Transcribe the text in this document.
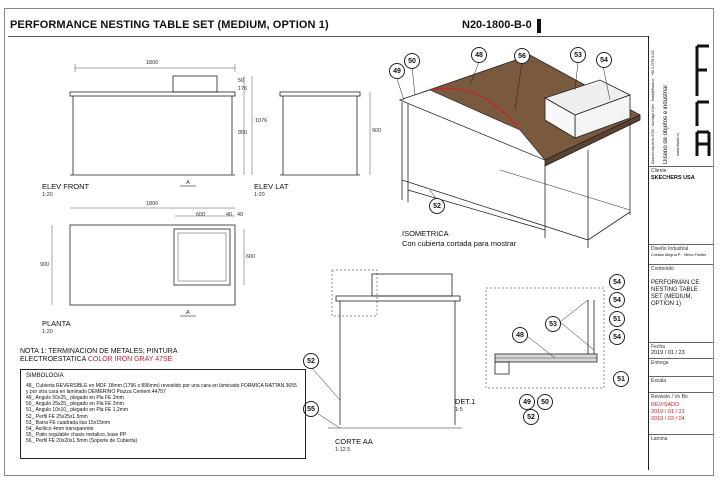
PERFORMANCE NESTING TABLE SET (MEDIUM, OPTION 1)	N20-1800-B-0
ELEV FRONT
1:20
ELEV LAT
1:20
PLANTA
1:20
ISOMETRICA
Con cubierta cortada para mostrar
CORTE AA
1:12.5
DET.1
1:5
1800
50
176
850
1076
900
1800
600	40 40
900
600
A
A
49
50
48	56	53
54
52
52
55
54
54
53
51
54
48
51
49	50
52
NOTA 1: TERMINACION DE METALES; PINTURA
ELECTROESTATICA COLOR IRON GRAY 47SE
SIMBOLOGIA
48_ Cubierta REVERSIBLE en MDF 18mm (1796 x 896mm) revestido por una cara en laminado FORMICA RATTAN 3655 y por otra cara en laminado DEMERINO Piazza Cement 44757
49_ Angulo 50x25_ plegado en Pla FE 2mm
50_ Angulo 25x25_ plegado en Pla FE 2mm
51_ Angulo 10x10_ plegado en Pla FE 1,2mm
52_ Perfil FE 25x25x1.5mm
53_ Barra FE cuadrada lisa 15x15mm
54_ Acrilico 4mm transparente
55_ Patin regulable chasis metalico, base PP
56_ Perfil FE 20x20x1.5mm (Soporte de Cubierta)
Diseño de objetos e industrial
Samuel Izquierdo 8735 · Santiago Chile · fraab@fraab.cl · +56 2 2776 6152	www.fraab.cl
Cliente
SKECHERS USA
Diseño Industrial
Cristián Alegría P. · Mirko Fiedler
Contenido
PERFORMAN CE NESTING TABLE SET (MEDIUM, OPTION 1)
Fecha
2019 / 01 / 23
Entrega
Escala
Revisión / Vo Bo
REVISADO
2019 / 01 / 31
2019 / 03 / 04
Lamina
